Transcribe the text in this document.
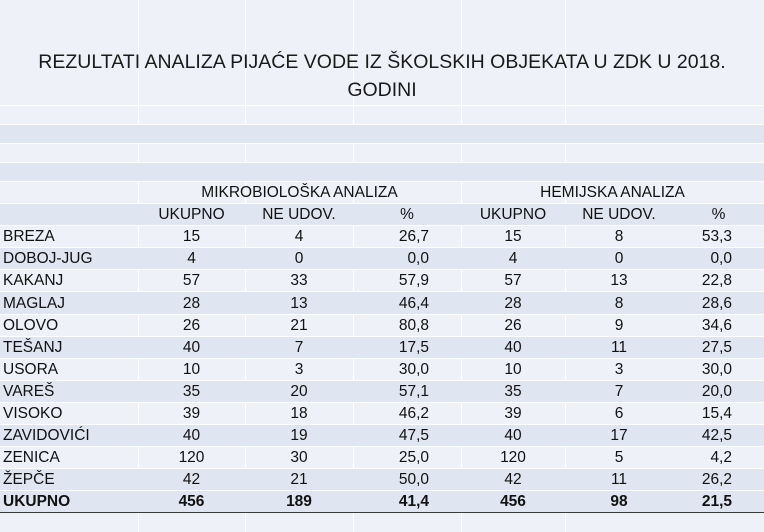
REZULTATI ANALIZA PIJAĆE VODE IZ ŠKOLSKIH OBJEKATA U ZDK U 2018.
GODINI

	MIKROBIOLOŠKA ANALIZA			HEMIJSKA ANALIZA		
	UKUPNO	NE UDOV.	%	UKUPNO	NE UDOV.	%
BREZA	15	4	26,7	15	8	53,3
DOBOJ-JUG	4	0	0,0	4	0	0,0
KAKANJ	57	33	57,9	57	13	22,8
MAGLAJ	28	13	46,4	28	8	28,6
OLOVO	26	21	80,8	26	9	34,6
TEŠANJ	40	7	17,5	40	11	27,5
USORA	10	3	30,0	10	3	30,0
VAREŠ	35	20	57,1	35	7	20,0
VISOKO	39	18	46,2	39	6	15,4
ZAVIDOVIĆI	40	19	47,5	40	17	42,5
ZENICA	120	30	25,0	120	5	4,2
ŽEPČE	42	21	50,0	42	11	26,2
UKUPNO	456	189	41,4	456	98	21,5
